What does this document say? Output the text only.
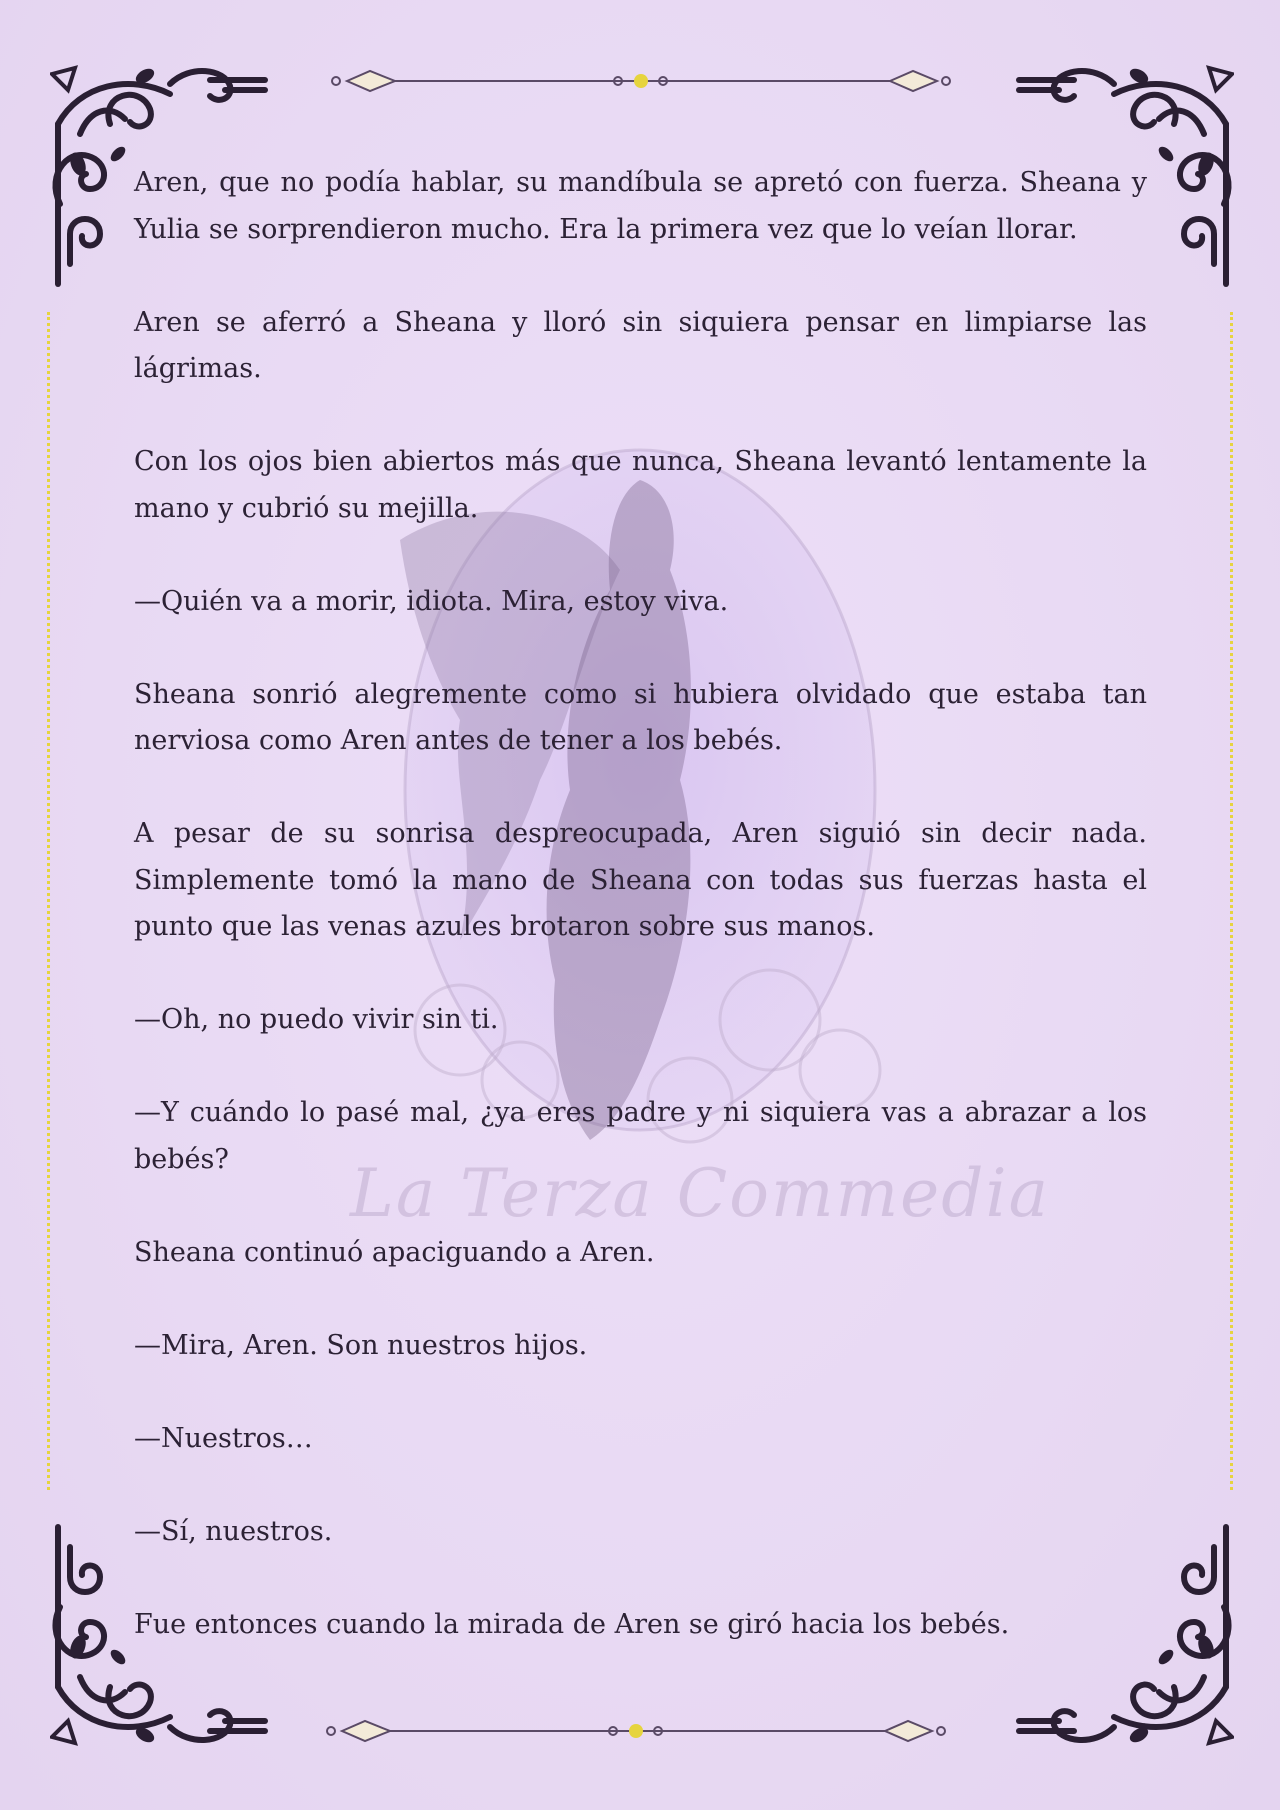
La Terza Commedia

Aren, que no podía hablar, su mandíbula se apretó con fuerza. Sheana y Yulia se sorprendieron mucho. Era la primera vez que lo veían llorar.

Aren se aferró a Sheana y lloró sin siquiera pensar en limpiarse las lágrimas.

Con los ojos bien abiertos más que nunca, Sheana levantó lentamente la mano y cubrió su mejilla.

—Quién va a morir, idiota. Mira, estoy viva.

Sheana sonrió alegremente como si hubiera olvidado que estaba tan nerviosa como Aren antes de tener a los bebés.

A pesar de su sonrisa despreocupada, Aren siguió sin decir nada. Simplemente tomó la mano de Sheana con todas sus fuerzas hasta el punto que las venas azules brotaron sobre sus manos.

—Oh, no puedo vivir sin ti.

—Y cuándo lo pasé mal, ¿ya eres padre y ni siquiera vas a abrazar a los bebés?

Sheana continuó apaciguando a Aren.

—Mira, Aren. Son nuestros hijos.

—Nuestros…

—Sí, nuestros.

Fue entonces cuando la mirada de Aren se giró hacia los bebés.
